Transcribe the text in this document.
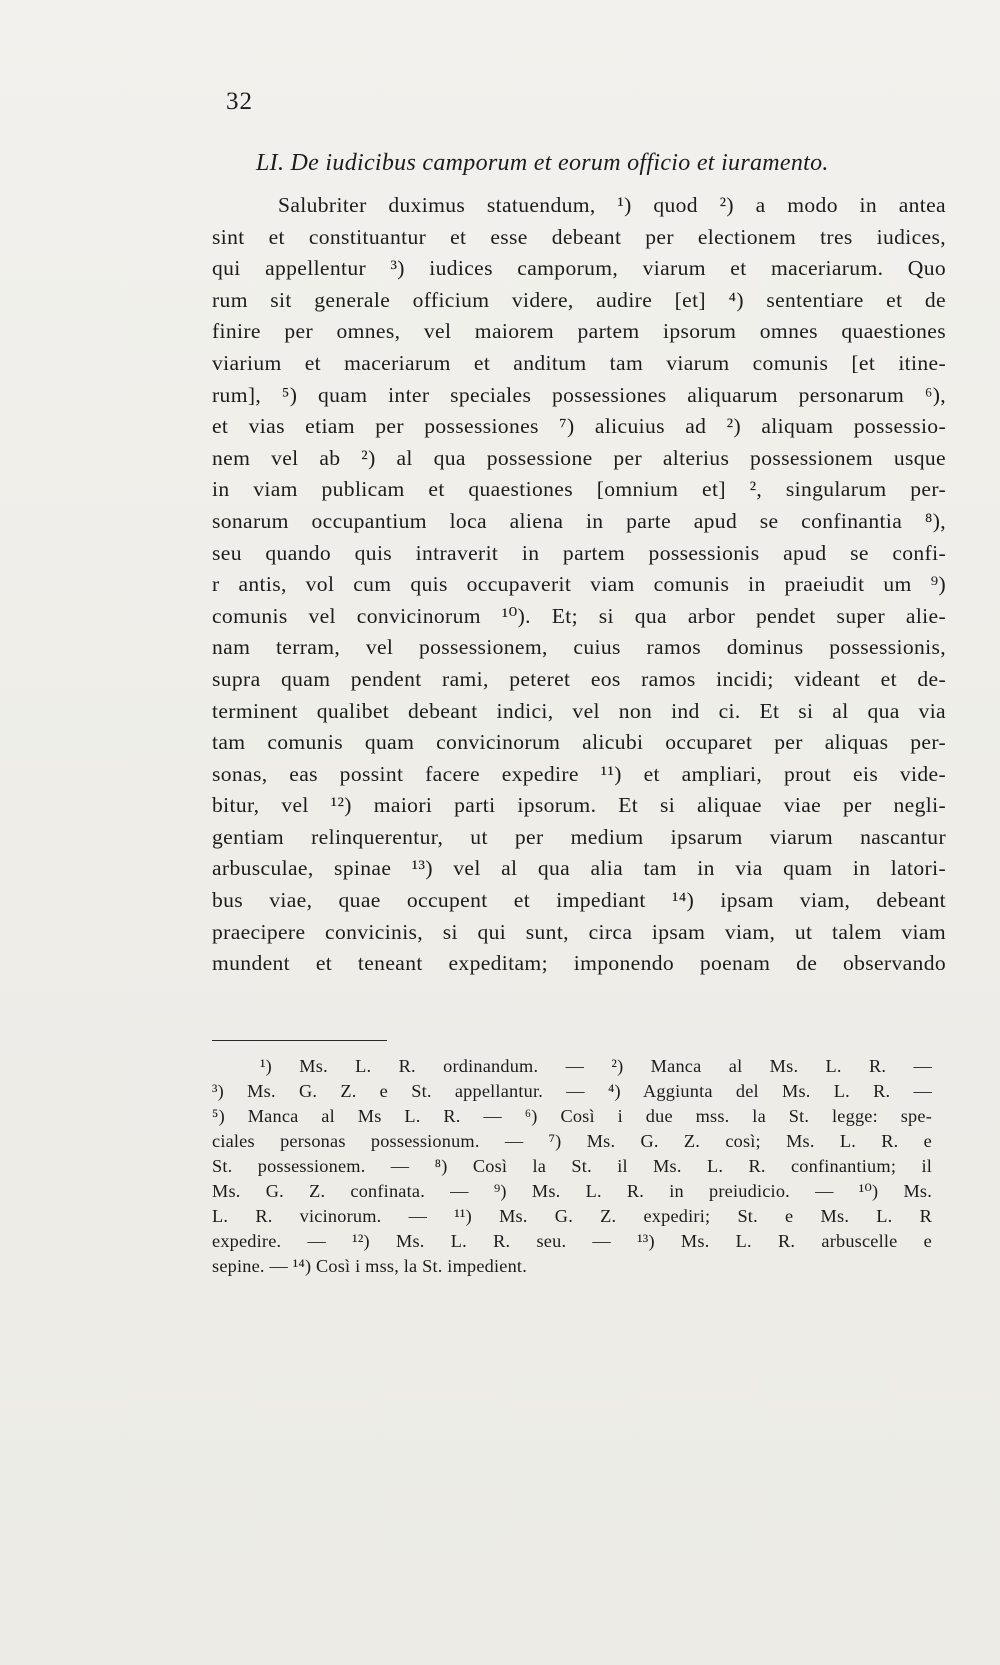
32
LI. De iudicibus camporum et eorum officio et iuramento.
Salubriter duximus statuendum, ¹) quod ²) a modo in antea
sint et constituantur et esse debeant per electionem tres iudices,
qui appellentur ³) iudices camporum, viarum et maceriarum. Quo
rum sit generale officium videre, audire [et] ⁴) sententiare et de
finire per omnes, vel maiorem partem ipsorum omnes quaestiones
viarium et maceriarum et anditum tam viarum comunis [et itine-
rum], ⁵) quam inter speciales possessiones aliquarum personarum ⁶),
et vias etiam per possessiones ⁷) alicuius ad ²) aliquam possessio-
nem vel ab ²) al qua possessione per alterius possessionem usque
in viam publicam et quaestiones [omnium et] ², singularum per-
sonarum occupantium loca aliena in parte apud se confinantia ⁸),
seu quando quis intraverit in partem possessionis apud se confi-
r antis, vol cum quis occupaverit viam comunis in praeiudit um ⁹)
comunis vel convicinorum ¹⁰). Et; si qua arbor pendet super alie-
nam terram, vel possessionem, cuius ramos dominus possessionis,
supra quam pendent rami, peteret eos ramos incidi; videant et de-
terminent qualibet debeant indici, vel non ind ci. Et si al qua via
tam comunis quam convicinorum alicubi occuparet per aliquas per-
sonas, eas possint facere expedire ¹¹) et ampliari, prout eis vide-
bitur, vel ¹²) maiori parti ipsorum. Et si aliquae viae per negli-
gentiam relinquerentur, ut per medium ipsarum viarum nascantur
arbusculae, spinae ¹³) vel al qua alia tam in via quam in latori-
bus viae, quae occupent et impediant ¹⁴) ipsam viam, debeant
praecipere convicinis, si qui sunt, circa ipsam viam, ut talem viam
mundent et teneant expeditam; imponendo poenam de observando
¹) Ms. L. R. ordinandum. — ²) Manca al Ms. L. R. —
³) Ms. G. Z. e St. appellantur. — ⁴) Aggiunta del Ms. L. R. —
⁵) Manca al Ms L. R. — ⁶) Così i due mss. la St. legge: spe-
ciales personas possessionum. — ⁷) Ms. G. Z. così; Ms. L. R. e
St. possessionem. — ⁸) Così la St. il Ms. L. R. confinantium; il
Ms. G. Z. confinata. — ⁹) Ms. L. R. in preiudicio. — ¹⁰) Ms.
L. R. vicinorum. — ¹¹) Ms. G. Z. expediri; St. e Ms. L. R
expedire. — ¹²) Ms. L. R. seu. — ¹³) Ms. L. R. arbuscelle e
sepine. — ¹⁴) Così i mss, la St. impedient.
